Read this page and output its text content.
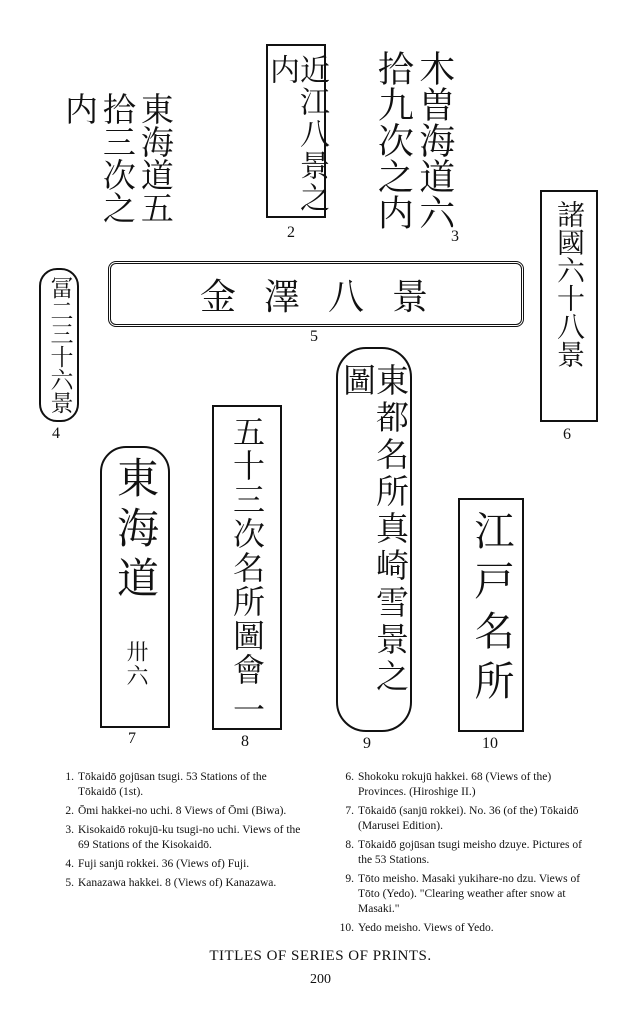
東海道五拾三次之内	近江八景之内
2
木曽海道六拾九次之内
3
冨二三十六景
4
金澤八景
5	諸國六十八景
6
東海道
卅六
7
五十三次名所圖會
一
8
東都名所真崎雪景之圖
9
江戸名所
10
1. Tōkaidō gojūsan tsugi. 53 Stations of the Tōkaidō (1st).
2. Ōmi hakkei-no uchi. 8 Views of Ōmi (Biwa).
3. Kisokaidō rokujū-ku tsugi-no uchi. Views of the 69 Stations of the Kisokaidō.
4. Fuji sanjū rokkei. 36 (Views of) Fuji.
5. Kanazawa hakkei. 8 (Views of) Kanazawa.
6. Shokoku rokujū hakkei. 68 (Views of the) Provinces. (Hiroshige II.)
7. Tōkaidō (sanjū rokkei). No. 36 (of the) Tōkaidō (Marusei Edition).
8. Tōkaidō gojūsan tsugi meisho dzuye. Pictures of the 53 Stations.
9. Tōto meisho. Masaki yukihare-no dzu. Views of Tōto (Yedo). "Clearing weather after snow at Masaki."
10. Yedo meisho. Views of Yedo.
TITLES OF SERIES OF PRINTS.
200
